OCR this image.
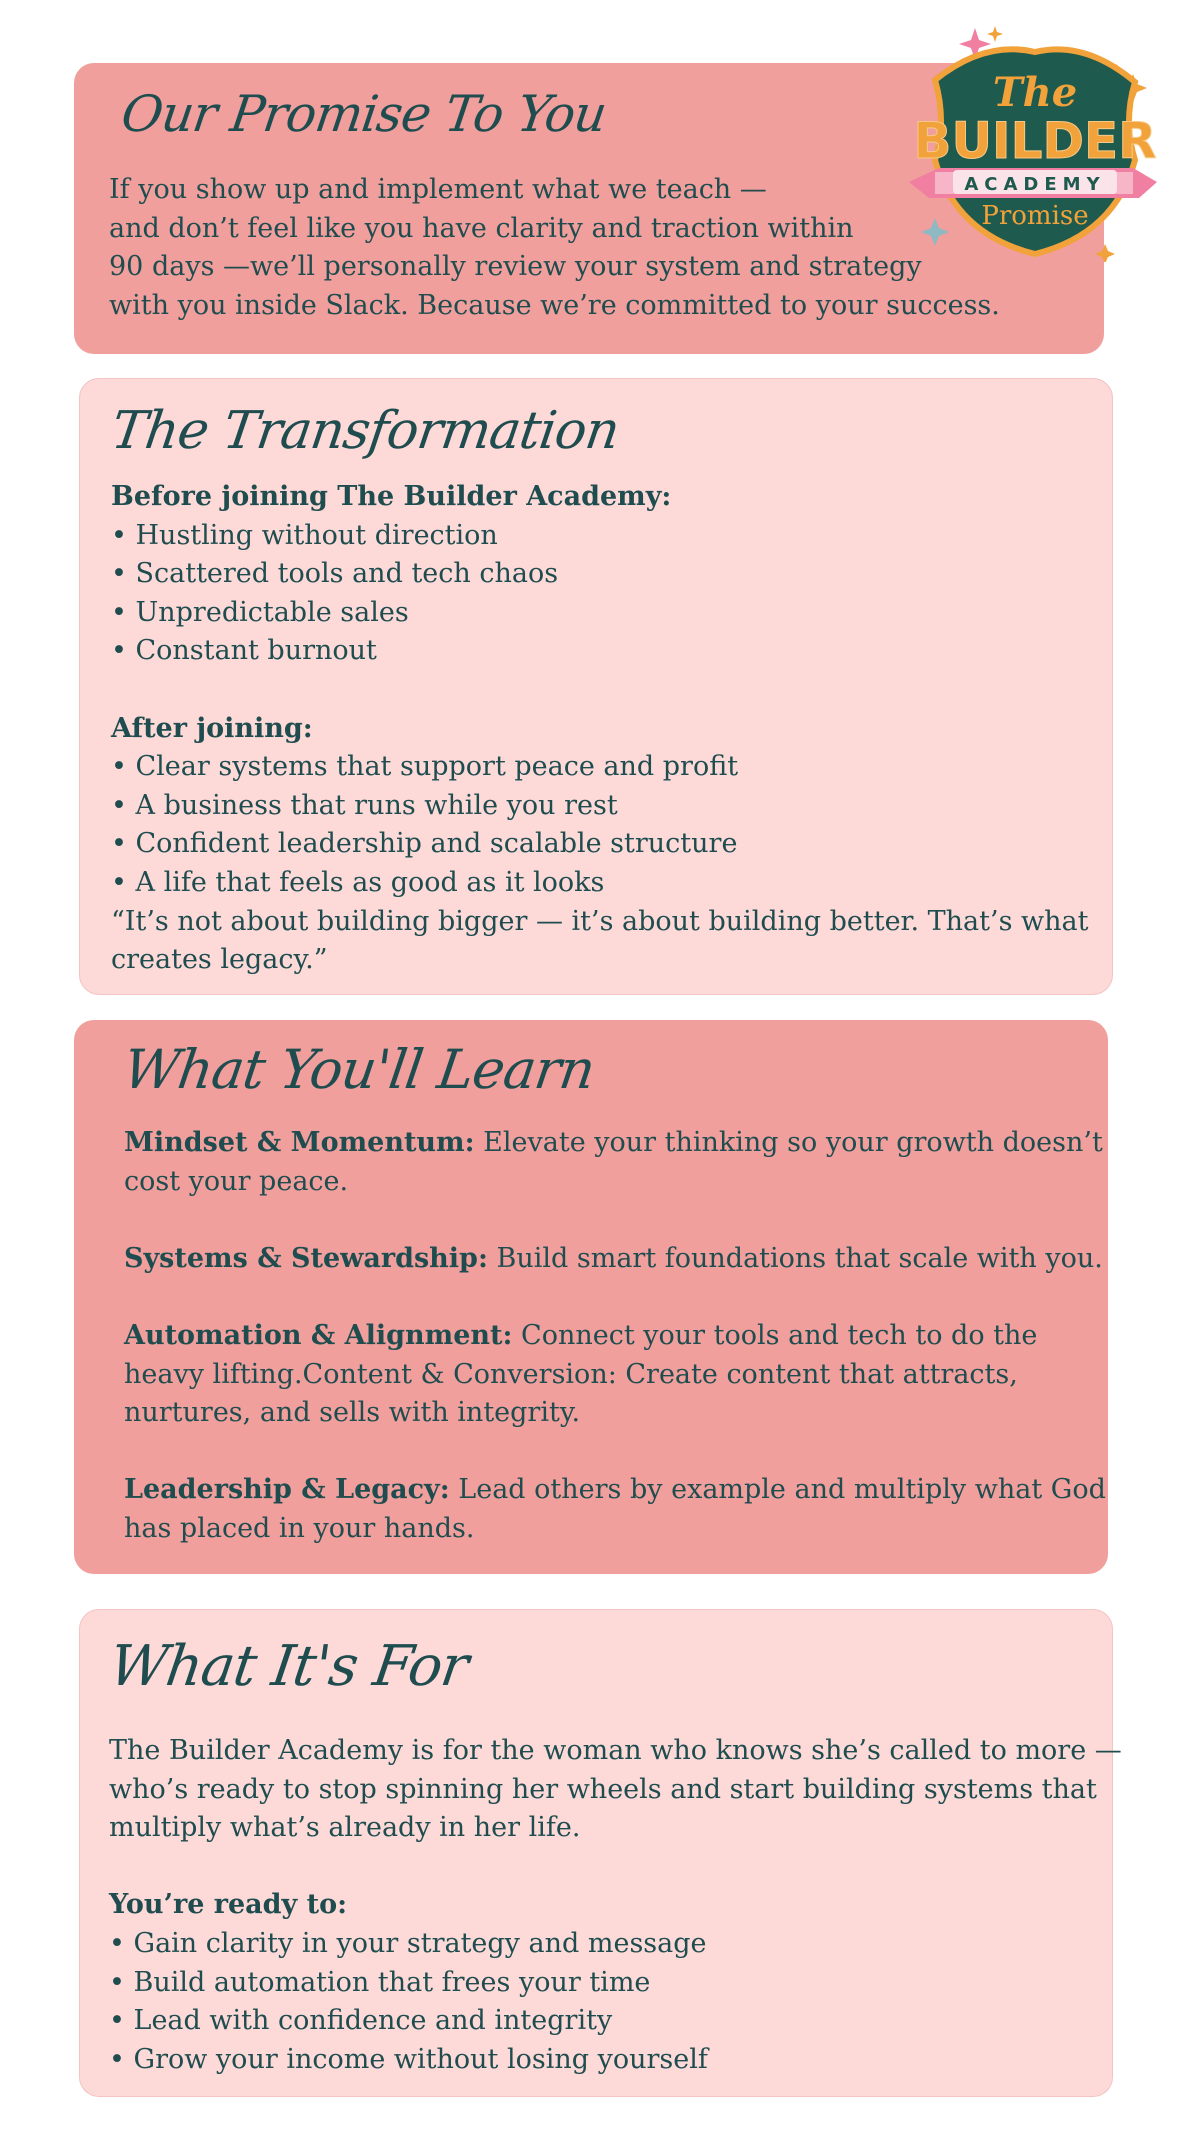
Our Promise To You
If you show up and implement what we teach —
and don’t feel like you have clarity and traction within
90 days —we’ll personally review your system and strategy
with you inside Slack. Because we’re committed to your success.
ACADEMY
The
BUILDER
Promise
The Transformation
Before joining The Builder Academy:
• Hustling without direction
• Scattered tools and tech chaos
• Unpredictable sales
• Constant burnout
After joining:
• Clear systems that support peace and profit
• A business that runs while you rest
• Confident leadership and scalable structure
• A life that feels as good as it looks
“It’s not about building bigger — it’s about building better. That’s what
creates legacy.”
What You'll Learn
Mindset & Momentum: Elevate your thinking so your growth doesn’t
cost your peace.
Systems & Stewardship: Build smart foundations that scale with you.
Automation & Alignment: Connect your tools and tech to do the
heavy lifting.Content & Conversion: Create content that attracts,
nurtures, and sells with integrity.
Leadership & Legacy: Lead others by example and multiply what God
has placed in your hands.
What It's For
The Builder Academy is for the woman who knows she’s called to more —
who’s ready to stop spinning her wheels and start building systems that
multiply what’s already in her life.
You’re ready to:
• Gain clarity in your strategy and message
• Build automation that frees your time
• Lead with confidence and integrity
• Grow your income without losing yourself
